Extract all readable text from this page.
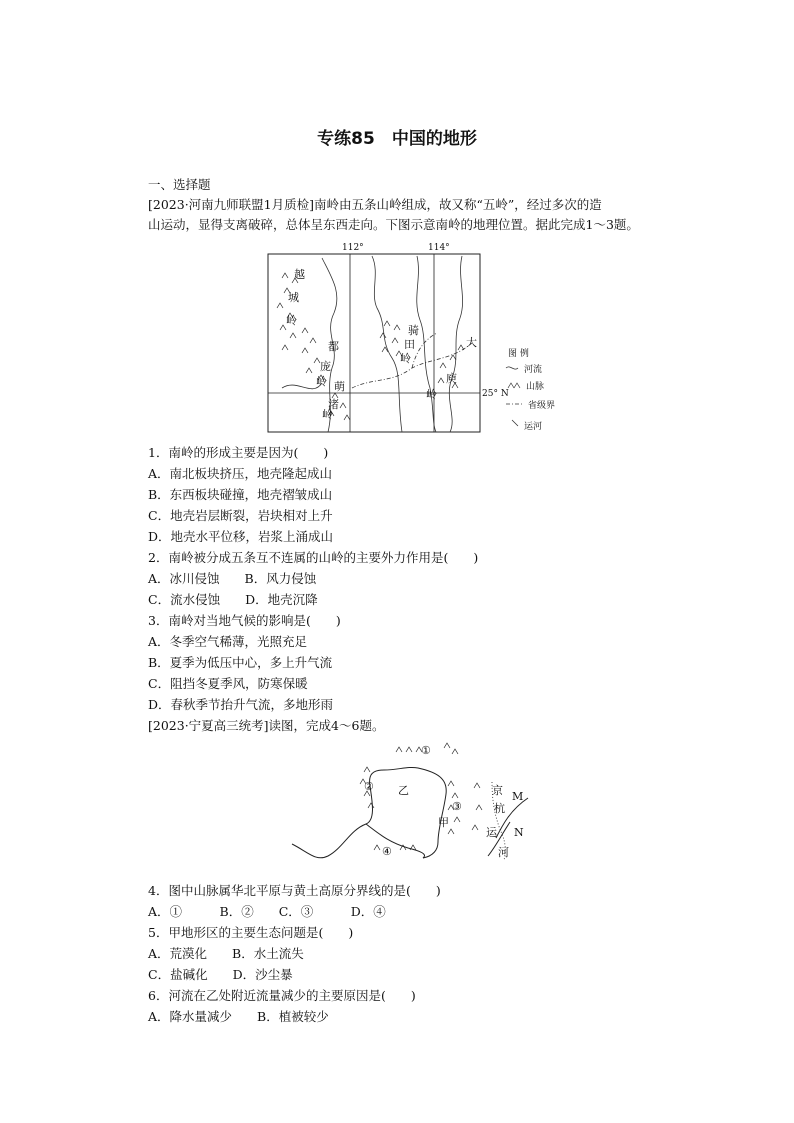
专练85　中国的地形
一、选择题
[2023·河南九师联盟1月质检]南岭由五条山岭组成，故又称“五岭”，经过多次的造
山运动，显得支离破碎，总体呈东西走向。下图示意南岭的地理位置。据此完成1～3题。
112°	114°
25° N
越
城
岭
都
庞
岭 萌
渚
岭
骑
田
岭
大
庾
岭
图 例
河流
山脉
省级界
运河
1．南岭的形成主要是因为(　　)
A．南北板块挤压，地壳隆起成山
B．东西板块碰撞，地壳褶皱成山
C．地壳岩层断裂，岩块相对上升
D．地壳水平位移，岩浆上涌成山
2．南岭被分成五条互不连属的山岭的主要外力作用是(　　)
A．冰川侵蚀　　B．风力侵蚀
C．流水侵蚀　　D．地壳沉降
3．南岭对当地气候的影响是(　　)
A．冬季空气稀薄，光照充足
B．夏季为低压中心，多上升气流
C．阻挡冬夏季风，防寒保暖
D．春秋季节抬升气流，多地形雨
[2023·宁夏高三统考]读图，完成4～6题。
①
②
③
④
乙
甲
京
杭
运
河
M
N
4．图中山脉属华北平原与黄土高原分界线的是(　　)
A．①　　　B．②　　C．③　　　D．④
5．甲地形区的主要生态问题是(　　)
A．荒漠化　　B．水土流失
C．盐碱化　　D．沙尘暴
6．河流在乙处附近流量减少的主要原因是(　　)
A．降水量减少　　B．植被较少
